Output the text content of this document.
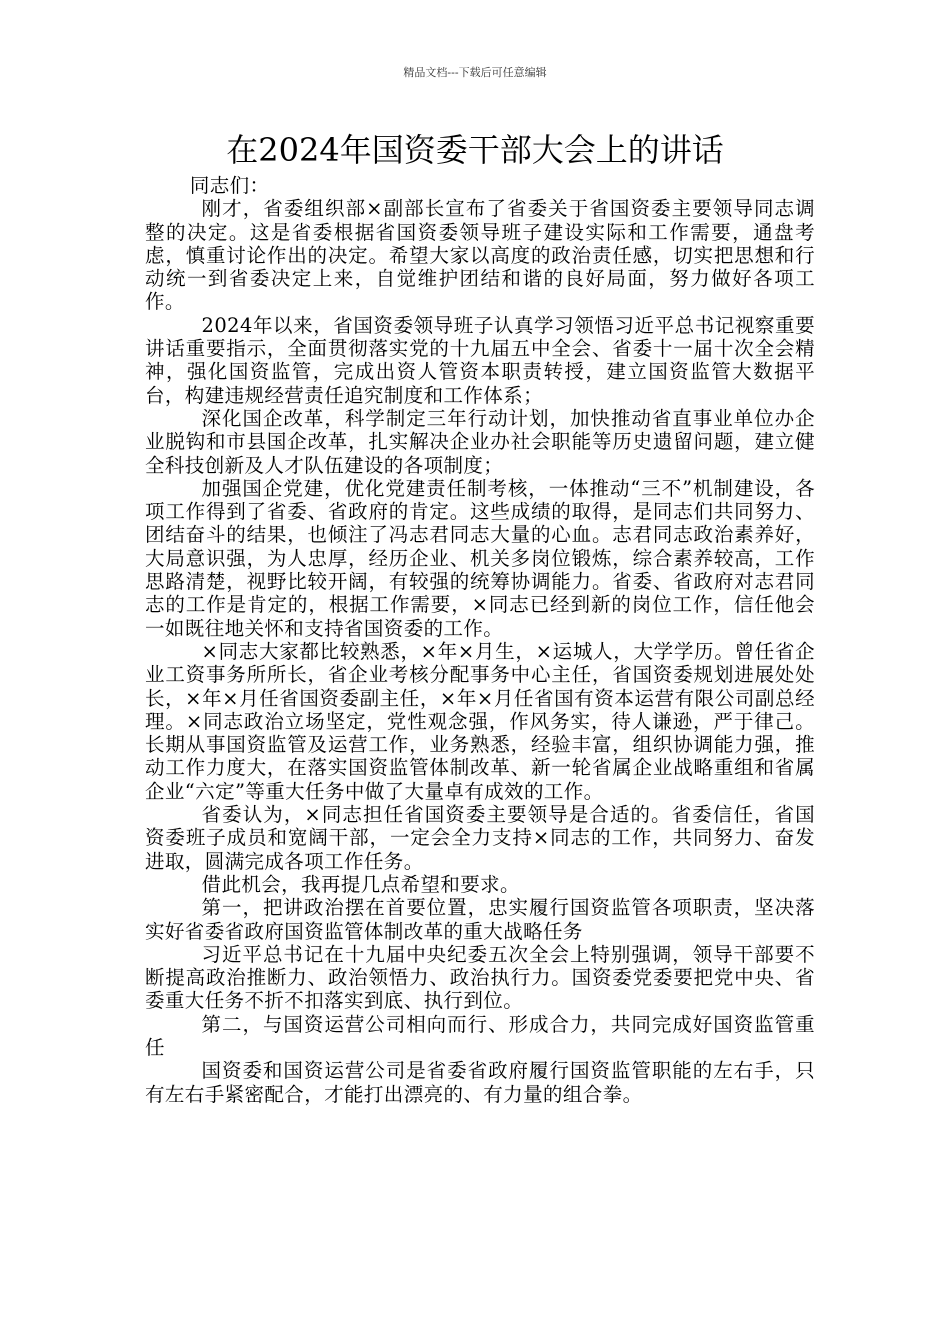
精品文档---下载后可任意编辑
在2024年国资委干部大会上的讲话

同志们：

刚才，省委组织部×副部长宣布了省委关于省国资委主要领导同志调整的决定。这是省委根据省国资委领导班子建设实际和工作需要，通盘考虑，慎重讨论作出的决定。希望大家以高度的政治责任感，切实把思想和行动统一到省委决定上来，自觉维护团结和谐的良好局面，努力做好各项工作。

2024年以来，省国资委领导班子认真学习领悟习近平总书记视察重要讲话重要指示，全面贯彻落实党的十九届五中全会、省委十一届十次全会精神，强化国资监管，完成出资人管资本职责转授，建立国资监管大数据平台，构建违规经营责任追究制度和工作体系；

深化国企改革，科学制定三年行动计划，加快推动省直事业单位办企业脱钩和市县国企改革，扎实解决企业办社会职能等历史遗留问题，建立健全科技创新及人才队伍建设的各项制度；

加强国企党建，优化党建责任制考核，一体推动“三不”机制建设，各项工作得到了省委、省政府的肯定。这些成绩的取得，是同志们共同努力、团结奋斗的结果，也倾注了冯志君同志大量的心血。志君同志政治素养好，大局意识强，为人忠厚，经历企业、机关多岗位锻炼，综合素养较高，工作思路清楚，视野比较开阔，有较强的统筹协调能力。省委、省政府对志君同志的工作是肯定的，根据工作需要，×同志已经到新的岗位工作，信任他会一如既往地关怀和支持省国资委的工作。

×同志大家都比较熟悉，×年×月生，×运城人，大学学历。曾任省企业工资事务所所长，省企业考核分配事务中心主任，省国资委规划进展处处长，×年×月任省国资委副主任，×年×月任省国有资本运营有限公司副总经理。×同志政治立场坚定，党性观念强，作风务实，待人谦逊，严于律己。长期从事国资监管及运营工作，业务熟悉，经验丰富，组织协调能力强，推动工作力度大，在落实国资监管体制改革、新一轮省属企业战略重组和省属企业“六定”等重大任务中做了大量卓有成效的工作。

省委认为，×同志担任省国资委主要领导是合适的。省委信任，省国资委班子成员和宽阔干部，一定会全力支持×同志的工作，共同努力、奋发进取，圆满完成各项工作任务。

借此机会，我再提几点希望和要求。

第一，把讲政治摆在首要位置，忠实履行国资监管各项职责，坚决落实好省委省政府国资监管体制改革的重大战略任务

习近平总书记在十九届中央纪委五次全会上特别强调，领导干部要不断提高政治推断力、政治领悟力、政治执行力。国资委党委要把党中央、省委重大任务不折不扣落实到底、执行到位。

第二，与国资运营公司相向而行、形成合力，共同完成好国资监管重任

国资委和国资运营公司是省委省政府履行国资监管职能的左右手，只有左右手紧密配合，才能打出漂亮的、有力量的组合拳。
